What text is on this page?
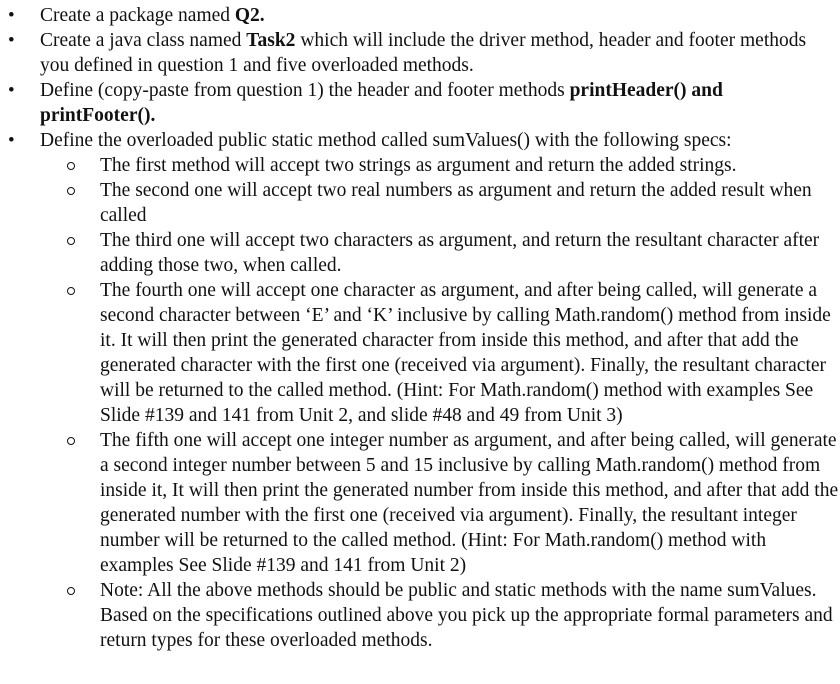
• Create a package named Q2.
• Create a java class named Task2 which will include the driver method, header and footer methods you defined in question 1 and five overloaded methods.
• Define (copy-paste from question 1) the header and footer methods printHeader() and printFooter().
• Define the overloaded public static method called sumValues() with the following specs:
The first method will accept two strings as argument and return the added strings.
The second one will accept two real numbers as argument and return the added result when called
The third one will accept two characters as argument, and return the resultant character after adding those two, when called.
The fourth one will accept one character as argument, and after being called, will generate a second character between ‘E’ and ‘K’ inclusive by calling Math.random() method from inside it. It will then print the generated character from inside this method, and after that add the generated character with the first one (received via argument). Finally, the resultant character will be returned to the called method. (Hint: For Math.random() method with examples See Slide #139 and 141 from Unit 2, and slide #48 and 49 from Unit 3)
The fifth one will accept one integer number as argument, and after being called, will generate a second integer number between 5 and 15 inclusive by calling Math.random() method from inside it, It will then print the generated number from inside this method, and after that add the generated number with the first one (received via argument). Finally, the resultant integer number will be returned to the called method. (Hint: For Math.random() method with examples See Slide #139 and 141 from Unit 2)
Note: All the above methods should be public and static methods with the name sumValues. Based on the specifications outlined above you pick up the appropriate formal parameters and return types for these overloaded methods.
